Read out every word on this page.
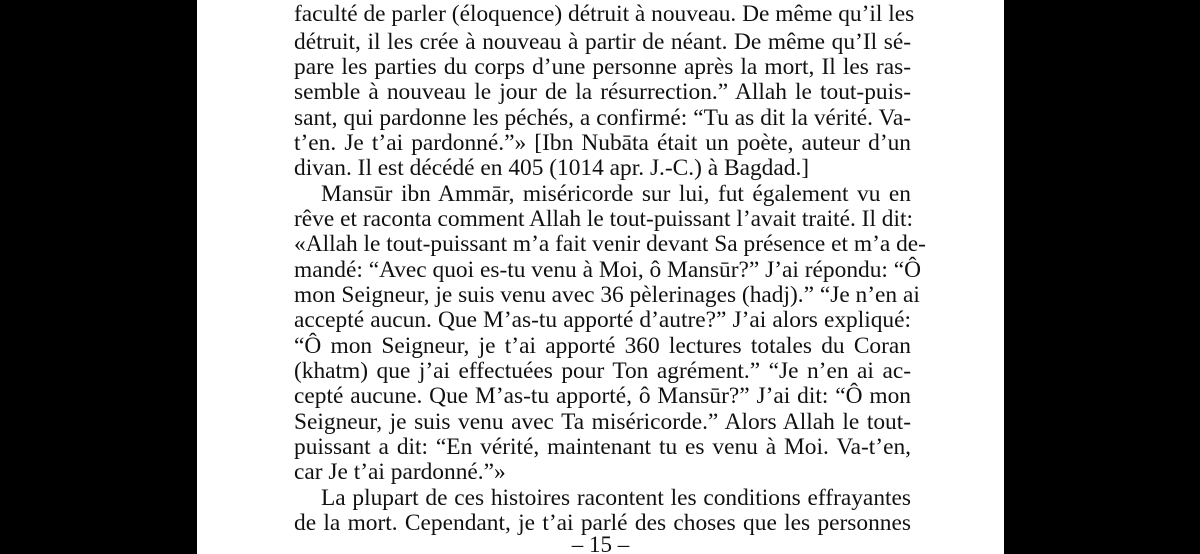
faculté de parler (éloquence) détruit à nouveau. De même qu’il les
détruit, il les crée à nouveau à partir de néant. De même qu’Il sé-
pare les parties du corps d’une personne après la mort, Il les ras-
semble à nouveau le jour de la résurrection.” Allah le tout-puis-
sant, qui pardonne les péchés, a confirmé: “Tu as dit la vérité. Va-
t’en. Je t’ai pardonné.”» [Ibn Nubāta était un poète, auteur d’un
divan. Il est décédé en 405 (1014 apr. J.-C.) à Bagdad.]
Mansūr ibn Ammār, miséricorde sur lui, fut également vu en
rêve et raconta comment Allah le tout-puissant l’avait traité. Il dit:
«Allah le tout-puissant m’a fait venir devant Sa présence et m’a de-
mandé: “Avec quoi es-tu venu à Moi, ô Mansūr?” J’ai répondu: “Ô
mon Seigneur, je suis venu avec 36 pèlerinages (hadj).” “Je n’en ai
accepté aucun. Que M’as-tu apporté d’autre?” J’ai alors expliqué:
“Ô mon Seigneur, je t’ai apporté 360 lectures totales du Coran
(khatm) que j’ai effectuées pour Ton agrément.” “Je n’en ai ac-
cepté aucune. Que M’as-tu apporté, ô Mansūr?” J’ai dit: “Ô mon
Seigneur, je suis venu avec Ta miséricorde.” Alors Allah le tout-
puissant a dit: “En vérité, maintenant tu es venu à Moi. Va-t’en,
car Je t’ai pardonné.”»
La plupart de ces histoires racontent les conditions effrayantes
de la mort. Cependant, je t’ai parlé des choses que les personnes
– 15 –
